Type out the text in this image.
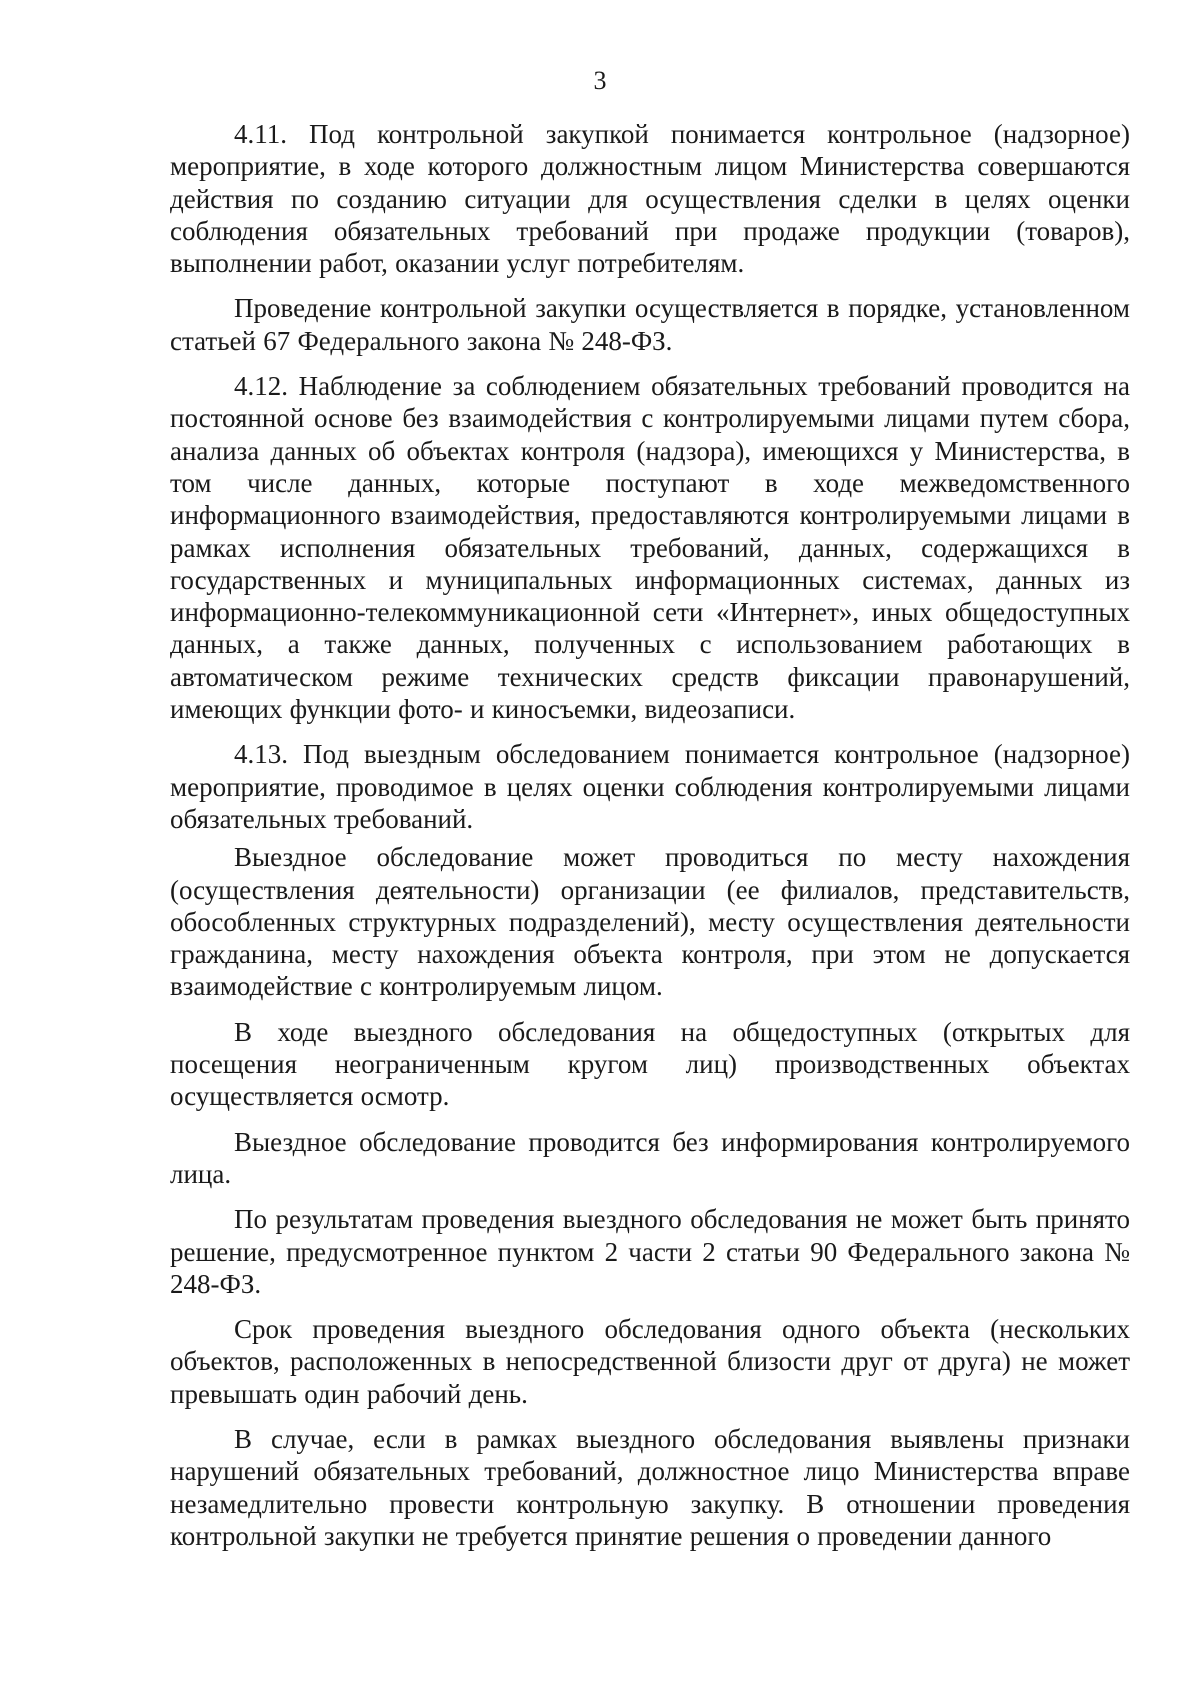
3

4.11. Под контрольной закупкой понимается контрольное (надзорное) мероприятие, в ходе которого должностным лицом Министерства совершаются действия по созданию ситуации для осуществления сделки в целях оценки соблюдения обязательных требований при продаже продукции (товаров), выполнении работ, оказании услуг потребителям.

Проведение контрольной закупки осуществляется в порядке, установленном статьей 67 Федерального закона № 248-ФЗ.

4.12. Наблюдение за соблюдением обязательных требований проводится на постоянной основе без взаимодействия с контролируемыми лицами путем сбора, анализа данных об объектах контроля (надзора), имеющихся у Министерства, в том числе данных, которые поступают в ходе межведомственного информационного взаимодействия, предоставляются контролируемыми лицами в рамках исполнения обязательных требований, данных, содержащихся в государственных и муниципальных информационных системах, данных из информационно-телекоммуникационной сети «Интернет», иных общедоступных данных, а также данных, полученных с использованием работающих в автоматическом режиме технических средств фиксации правонарушений, имеющих функции фото- и киносъемки, видеозаписи.

4.13. Под выездным обследованием понимается контрольное (надзорное) мероприятие, проводимое в целях оценки соблюдения контролируемыми лицами обязательных требований.

Выездное обследование может проводиться по месту нахождения (осуществления деятельности) организации (ее филиалов, представительств, обособленных структурных подразделений), месту осуществления деятельности гражданина, месту нахождения объекта контроля, при этом не допускается взаимодействие с контролируемым лицом.

В ходе выездного обследования на общедоступных (открытых для посещения неограниченным кругом лиц) производственных объектах осуществляется осмотр.

Выездное обследование проводится без информирования контролируемого лица.

По результатам проведения выездного обследования не может быть принято решение, предусмотренное пунктом 2 части 2 статьи 90 Федерального закона № 248-ФЗ.

Срок проведения выездного обследования одного объекта (нескольких объектов, расположенных в непосредственной близости друг от друга) не может превышать один рабочий день.

В случае, если в рамках выездного обследования выявлены признаки нарушений обязательных требований, должностное лицо Министерства вправе незамедлительно провести контрольную закупку. В отношении проведения контрольной закупки не требуется принятие решения о проведении данного
